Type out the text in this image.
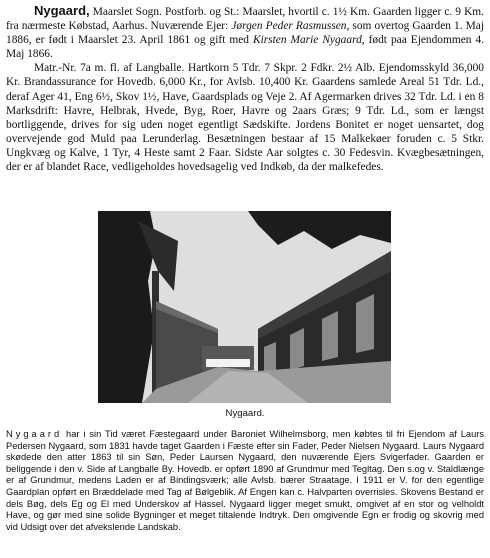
Nygaard, Maarslet Sogn. Postforb. og St.: Maarslet, hvortil c. 1½ Km. Gaarden ligger c. 9 Km. fra nærmeste Købstad, Aarhus. Nuværende Ejer: Jørgen Peder Rasmussen, som overtog Gaarden 1. Maj 1886, er født i Maarslet 23. April 1861 og gift med Kirsten Marie Nygaard, født paa Ejendommen 4. Maj 1866.

Matr.-Nr. 7a m. fl. af Langballe. Hartkorn 5 Tdr. 7 Skpr. 2 Fdkr. 2½ Alb. Ejendomsskyld 36,000 Kr. Brandassurance for Hovedb. 6,000 Kr., for Avlsb. 10,400 Kr. Gaardens samlede Areal 51 Tdr. Ld., deraf Ager 41, Eng 6½, Skov 1½, Have, Gaardsplads og Veje 2. Af Agermarken drives 32 Tdr. Ld. i en 8 Marksdrift: Havre, Helbrak, Hvede, Byg, Roer, Havre og 2aars Græs; 9 Tdr. Ld., som er længst bortliggende, drives for sig uden noget egentligt Sædskifte. Jordens Bonitet er noget uensartet, dog overvejende god Muld paa Lerunderlag. Besætningen bestaar af 15 Malkekøer foruden c. 5 Stkr. Ungkvæg og Kalve, 1 Tyr, 4 Heste samt 2 Faar. Sidste Aar solgtes c. 30 Fedesvin. Kvægbesætningen, der er af blandet Race, vedligeholdes hovedsagelig ved Indkøb, da der malkefedes.

Nygaard.

Nygaard har i sin Tid været Fæstegaard under Baroniet Wilhelmsborg, men købtes til fri Ejendom af Laurs Pedersen Nygaard, som 1831 havde taget Gaarden i Fæste efter sin Fader, Peder Nielsen Nygaard. Laurs Nygaard skødede den atter 1863 til sin Søn, Peder Laursen Nygaard, den nuværende Ejers Svigerfader. Gaarden er beliggende i den v. Side af Langballe By. Hovedb. er opført 1890 af Grundmur med Tegltag. Den s.og v. Staldlænge er af Grundmur, medens Laden er af Bindingsværk; alle Avlsb. bærer Straatage. I 1911 er V. for den egentlige Gaardplan opført en Bræddelade med Tag af Bølgeblik. Af Engen kan c. Halvparten overrisles. Skovens Bestand er dels Bøg, dels Eg og El med Underskov af Hassel. Nygaard ligger meget smukt, omgivet af en stor og velholdt Have, og gør med sine solide Bygninger et meget tiltalende Indtryk. Den omgivende Egn er frodig og skovrig med vid Udsigt over det afvekslende Landskab.
